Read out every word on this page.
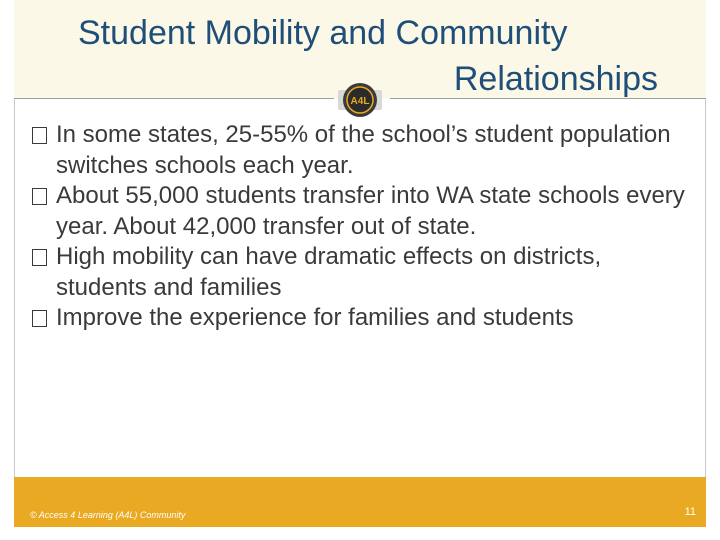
Student Mobility and Community
Relationships
A4L
In some states, 25-55% of the school’s student population switches schools each year.
About 55,000 students transfer into WA state schools every year. About 42,000 transfer out of state.
High mobility can have dramatic effects on districts, students and families
Improve the experience for families and students
© Access 4 Learning (A4L) Community	11
